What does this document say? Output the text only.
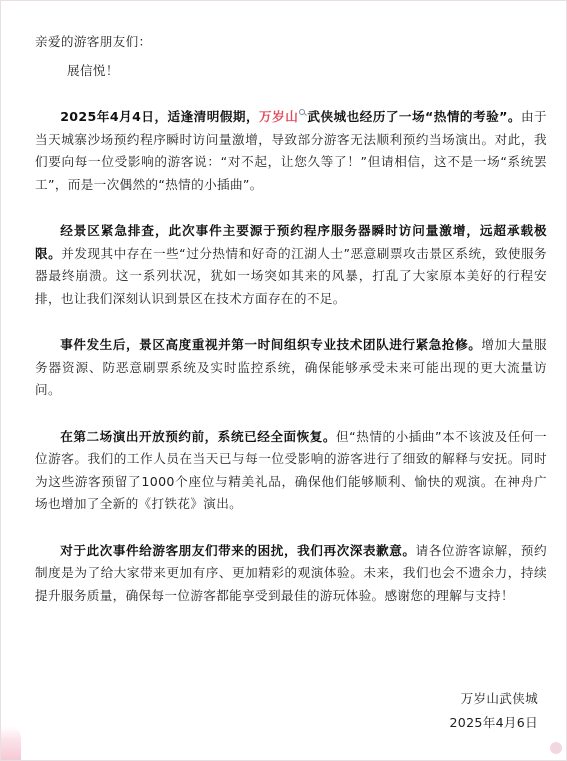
亲爱的游客朋友们：

展信悦！

2025年4月4日，适逢清明假期，万岁山 武侠城也经历了一场“热情的考验”。由于当天城寨沙场预约程序瞬时访问量激增，导致部分游客无法顺利预约当场演出。对此，我们要向每一位受影响的游客说：“对不起，让您久等了！”但请相信，这不是一场“系统罢工”，而是一次偶然的“热情的小插曲”。

经景区紧急排查，此次事件主要源于预约程序服务器瞬时访问量激增，远超承载极限。并发现其中存在一些“过分热情和好奇的江湖人士”恶意刷票攻击景区系统，致使服务器最终崩溃。这一系列状况，犹如一场突如其来的风暴，打乱了大家原本美好的行程安排，也让我们深刻认识到景区在技术方面存在的不足。

事件发生后，景区高度重视并第一时间组织专业技术团队进行紧急抢修。增加大量服务器资源、防恶意刷票系统及实时监控系统，确保能够承受未来可能出现的更大流量访问。

在第二场演出开放预约前，系统已经全面恢复。但“热情的小插曲”本不该波及任何一位游客。我们的工作人员在当天已与每一位受影响的游客进行了细致的解释与安抚。同时为这些游客预留了1000个座位与精美礼品，确保他们能够顺利、愉快的观演。在神舟广场也增加了全新的《打铁花》演出。

对于此次事件给游客朋友们带来的困扰，我们再次深表歉意。请各位游客谅解，预约制度是为了给大家带来更加有序、更加精彩的观演体验。未来，我们也会不遗余力，持续提升服务质量，确保每一位游客都能享受到最佳的游玩体验。感谢您的理解与支持！

万岁山武侠城
2025年4月6日
